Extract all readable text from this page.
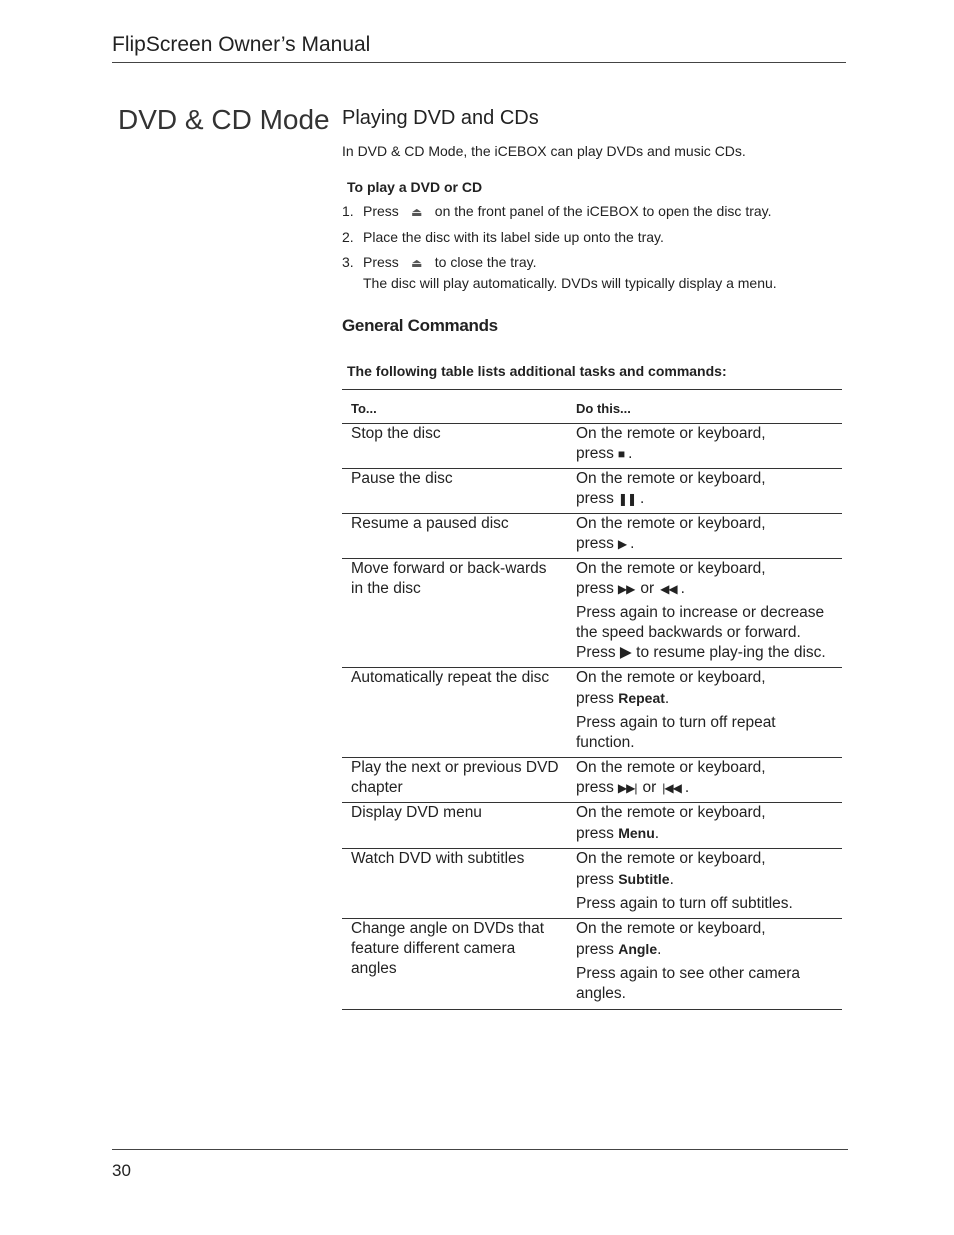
FlipScreen Owner’s Manual
DVD & CD Mode Playing DVD and CDs
In DVD & CD Mode, the iCEBOX can play DVDs and music CDs.
To play a DVD or CD
1. Press ⏏ on the front panel of the iCEBOX to open the disc tray.
2. Place the disc with its label side up onto the tray.
3. Press ⏏ to close the tray.
The disc will play automatically. DVDs will typically display a menu.
General Commands
The following table lists additional tasks and commands:
To...	Do this...
Stop the disc	On the remote or keyboard,
press ■ .

Pause the disc	On the remote or keyboard,
press ❚❚ .

Resume a paused disc	On the remote or keyboard,
press ▶ .

Move forward or back-wards in the disc	On the remote or keyboard,
press ▶▶ or ◀◀ .
Press again to increase or decrease the speed backwards or forward. Press ▶ to resume play-ing the disc.

Automatically repeat the disc	On the remote or keyboard,
press Repeat.
Press again to turn off repeat function.

Play the next or previous DVD chapter	On the remote or keyboard,
press ▶▶| or |◀◀ .

Display DVD menu	On the remote or keyboard,
press Menu.

Watch DVD with subtitles	On the remote or keyboard,
press Subtitle.
Press again to turn off subtitles.

Change angle on DVDs that feature different camera angles	On the remote or keyboard,
press Angle.
Press again to see other camera angles.
30
